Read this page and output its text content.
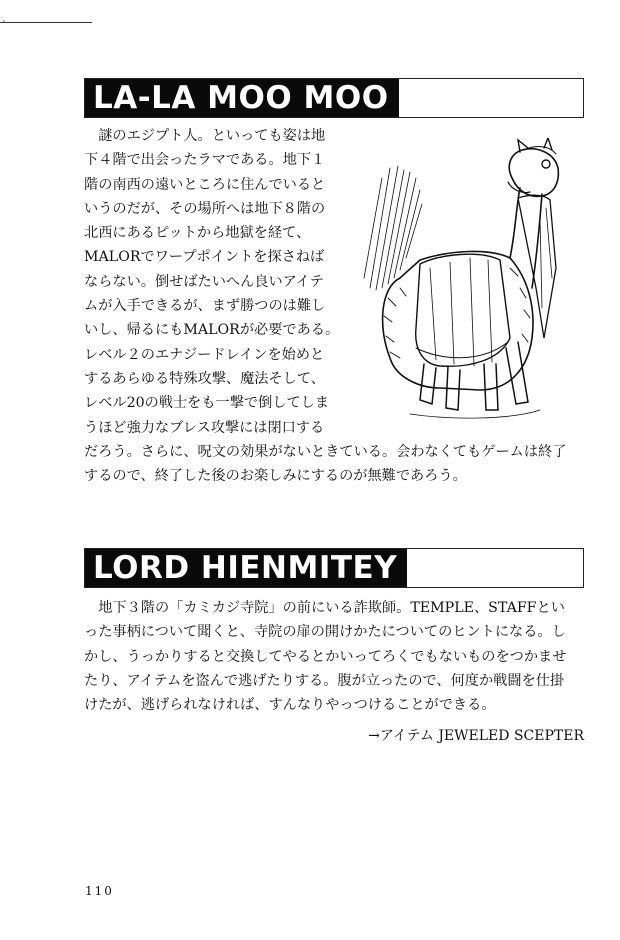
、
LA-LA MOO MOO
　謎のエジプト人。といっても姿は地
下４階で出会ったラマである。地下１
階の南西の遠いところに住んでいると
いうのだが、その場所へは地下８階の
北西にあるピットから地獄を経て、
MALORでワープポイントを探さねば
ならない。倒せばたいへん良いアイテ
ムが入手できるが、まず勝つのは難し
いし、帰るにもMALORが必要である。
レベル２のエナジードレインを始めと
するあらゆる特殊攻撃、魔法そして、
レベル20の戦士をも一撃で倒してしま
うほど強力なブレス攻撃には閉口する
だろう。さらに、呪文の効果がないときている。会わなくてもゲームは終了
するので、終了した後のお楽しみにするのが無難であろう。
LORD HIENMITEY
　地下３階の「カミカジ寺院」の前にいる詐欺師。TEMPLE、STAFFとい
った事柄について聞くと、寺院の扉の開けかたについてのヒントになる。し
かし、うっかりすると交換してやるとかいってろくでもないものをつかませ
たり、アイテムを盗んで逃げたりする。腹が立ったので、何度か戦闘を仕掛
けたが、逃げられなければ、すんなりやっつけることができる。
→アイテム JEWELED SCEPTER
110
